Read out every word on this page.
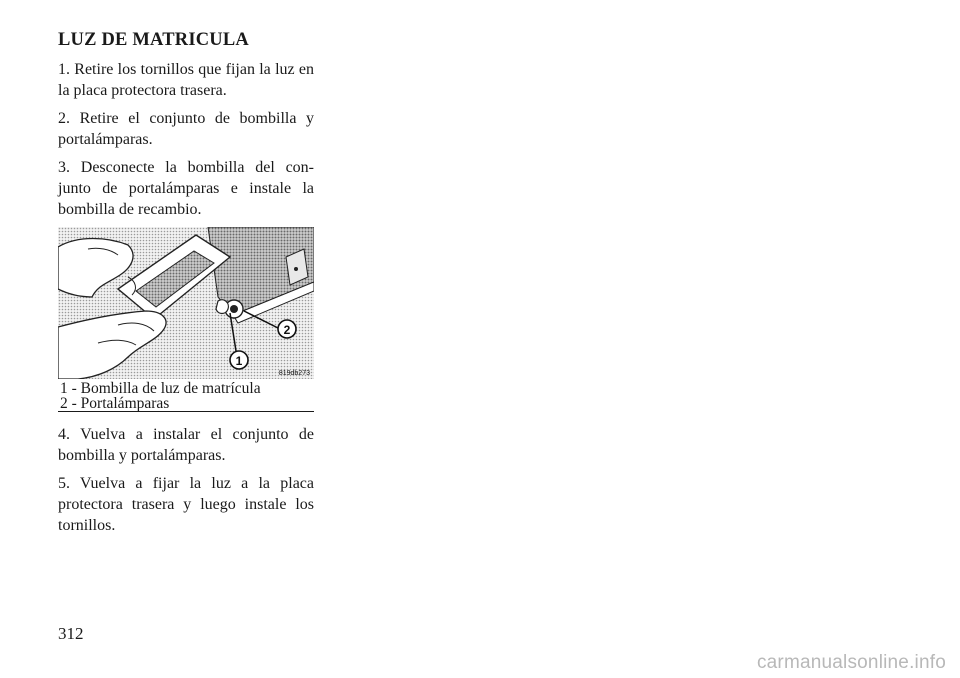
LUZ DE MATRICULA

1. Retire los tornillos que fijan la luz en la placa protectora trasera.

2. Retire el conjunto de bombilla y portalámparas.

3. Desconecte la bombilla del con- junto de portalámparas e instale la bombilla de recambio.

1
2
819db273
1 - Bombilla de luz de matrícula
2 - Portalámparas

4. Vuelva a instalar el conjunto de bombilla y portalámparas.

5. Vuelva a fijar la luz a la placa protectora trasera y luego instale los tornillos.

312
carmanualsonline.info
